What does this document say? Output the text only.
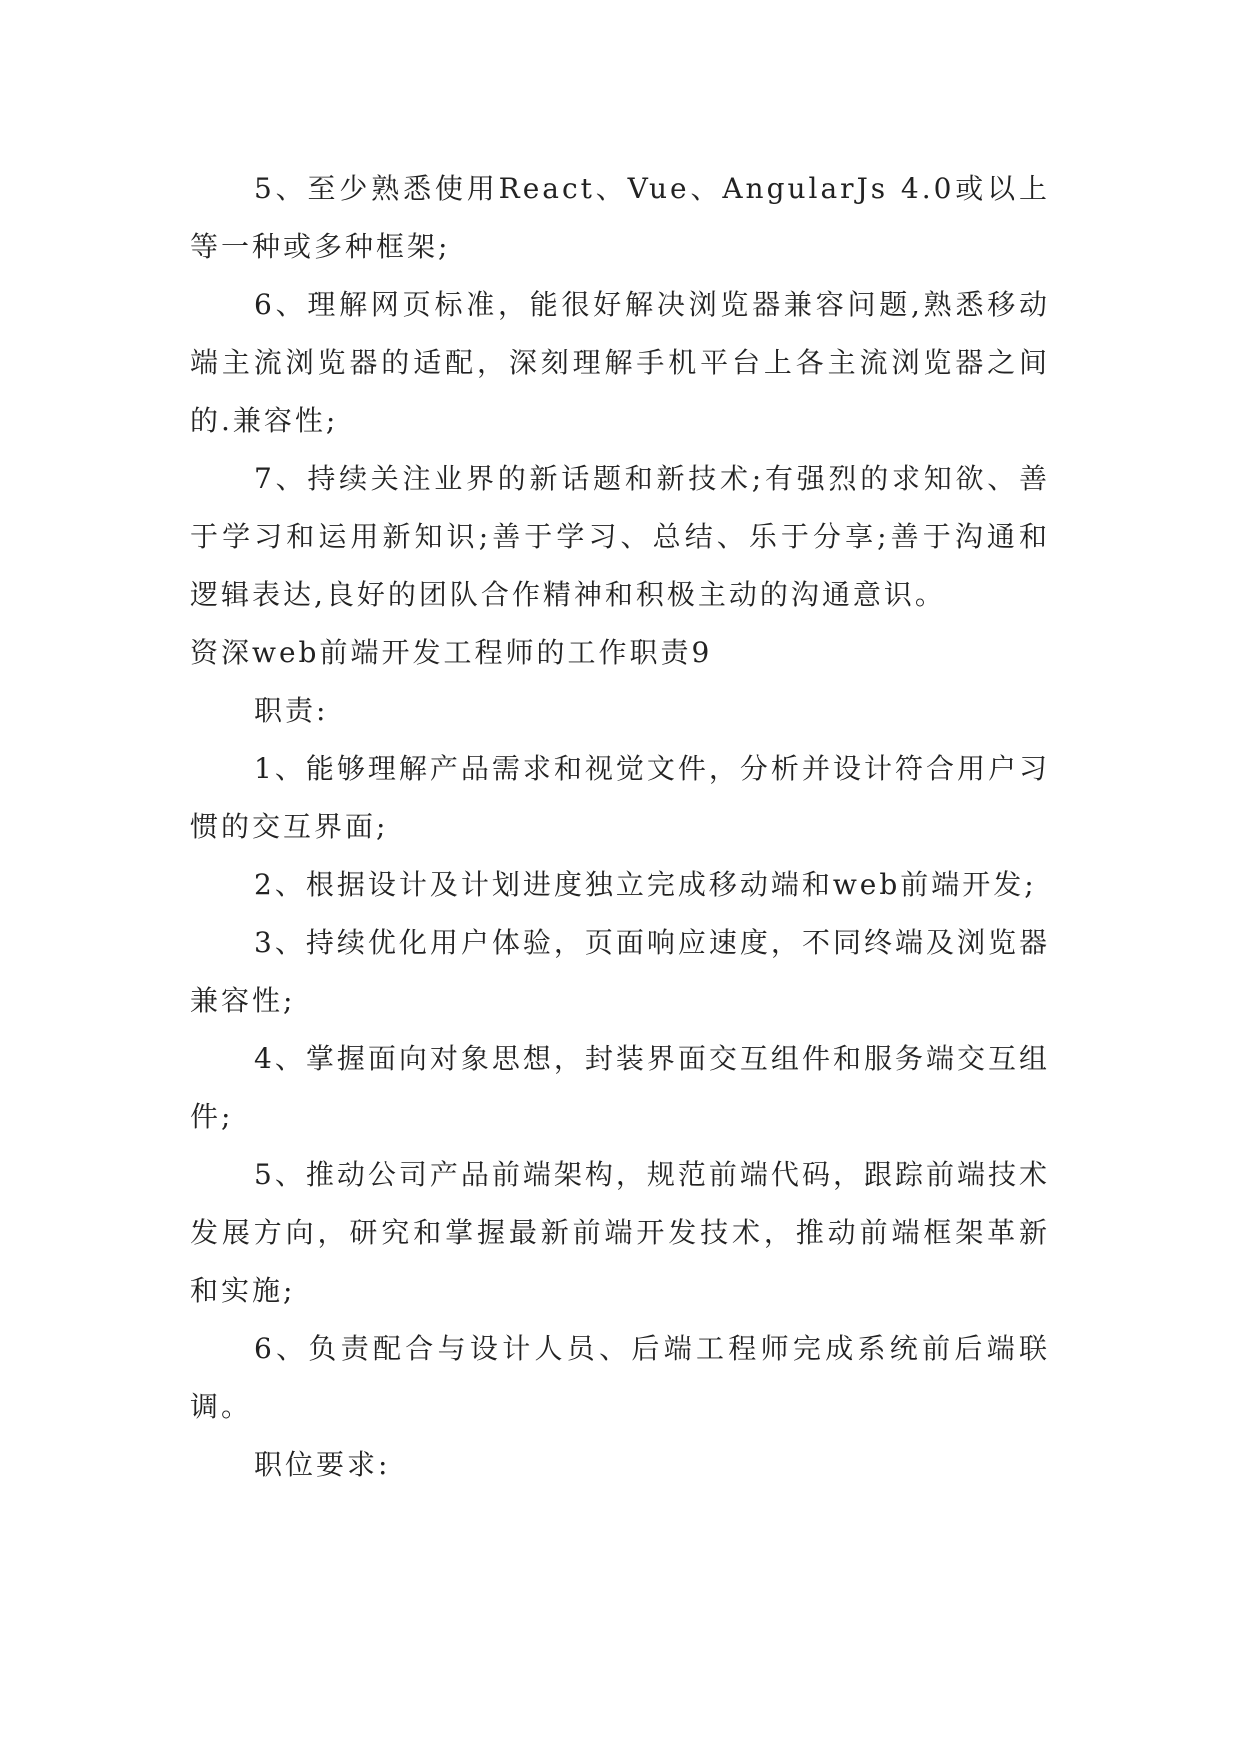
5、至少熟悉使用React、Vue、AngularJs 4.0或以上等一种或多种框架;

6、理解网页标准，能很好解决浏览器兼容问题,熟悉移动端主流浏览器的适配，深刻理解手机平台上各主流浏览器之间的.兼容性;

7、持续关注业界的新话题和新技术;有强烈的求知欲、善于学习和运用新知识;善于学习、总结、乐于分享;善于沟通和逻辑表达,良好的团队合作精神和积极主动的沟通意识。

资深web前端开发工程师的工作职责9

职责:

1、能够理解产品需求和视觉文件，分析并设计符合用户习惯的交互界面;

2、根据设计及计划进度独立完成移动端和web前端开发;

3、持续优化用户体验，页面响应速度，不同终端及浏览器兼容性;

4、掌握面向对象思想，封装界面交互组件和服务端交互组件;

5、推动公司产品前端架构，规范前端代码，跟踪前端技术发展方向，研究和掌握最新前端开发技术，推动前端框架革新和实施;

6、负责配合与设计人员、后端工程师完成系统前后端联调。

职位要求:
